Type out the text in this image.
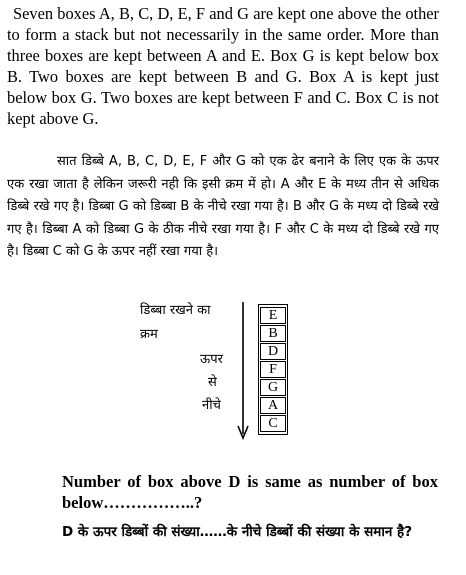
Seven boxes A, B, C, D, E, F and G are kept one above the other to form a stack but not necessarily in the same order. More than three boxes are kept between A and E. Box G is kept below box B. Two boxes are kept between B and G. Box A is kept just below box G. Two boxes are kept between F and C. Box C is not kept above G.

सात डिब्बे A, B, C, D, E, F और G को एक ढेर बनाने के लिए एक के ऊपर एक रखा जाता है लेकिन जरूरी नही कि इसी क्रम में हो। A और E के मध्य तीन से अधिक डिब्बे रखे गए है। डिब्बा G को डिब्बा B के नीचे रखा गया है। B और G के मध्य दो डिब्बे रखे गए है। डिब्बा A को डिब्बा G के ठीक नीचे रखा गया है। F और C के मध्य दो डिब्बे रखे गए है। डिब्बा C को G के ऊपर नहीं रखा गया है।

डिब्बा रखने का
क्रम
ऊपर
से
नीचे
E
B
D
F
G
A
C

Number of box above D is same as number of box below……………..?

D के ऊपर डिब्बों की संख्या……के नीचे डिब्बों की संख्या के समान है?
